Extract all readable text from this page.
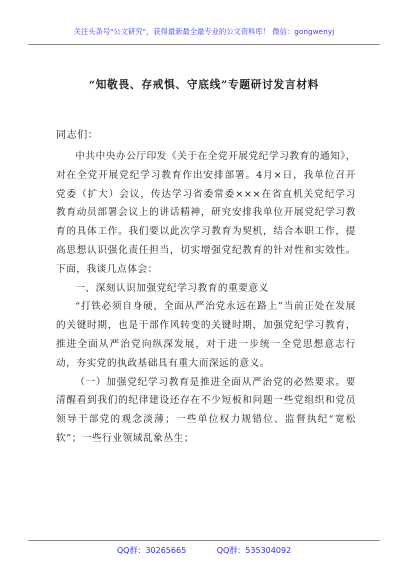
关注头条号"公文研究"，获得最新最全最专业的公文资料库！ 微信：gongwenyj
“知敬畏、存戒惧、守底线”专题研讨发言材料
同志们：

中共中央办公厅印发《关于在全党开展党纪学习教育的通知》，对在全党开展党纪学习教育作出安排部署。4月×日，我单位召开党委（扩大）会议，传达学习省委常委×××在省直机关党纪学习教育动员部署会议上的讲话精神，研究安排我单位开展党纪学习教育的具体工作。我们要以此次学习教育为契机，结合本职工作，提高思想认识强化责任担当，切实增强党纪教育的针对性和实效性。下面，我谈几点体会：

一、深刻认识加强党纪学习教育的重要意义

“打铁必须自身硬，全面从严治党永远在路上”当前正处在发展的关键时期，也是干部作风转变的关键时期，加强党纪学习教育，推进全面从严治党向纵深发展，对于进一步统一全党思想意志行动，夯实党的执政基础具有重大而深远的意义。

（一）加强党纪学习教育是推进全面从严治党的必然要求。要清醒看到我们的纪律建设还存在不少短板和问题一些党组织和党员领导干部党的观念淡薄；一些单位权力规错位、监督执纪“宽松软”；一些行业领域乱象丛生；

QQ群：30265665	QQ群：535304092
